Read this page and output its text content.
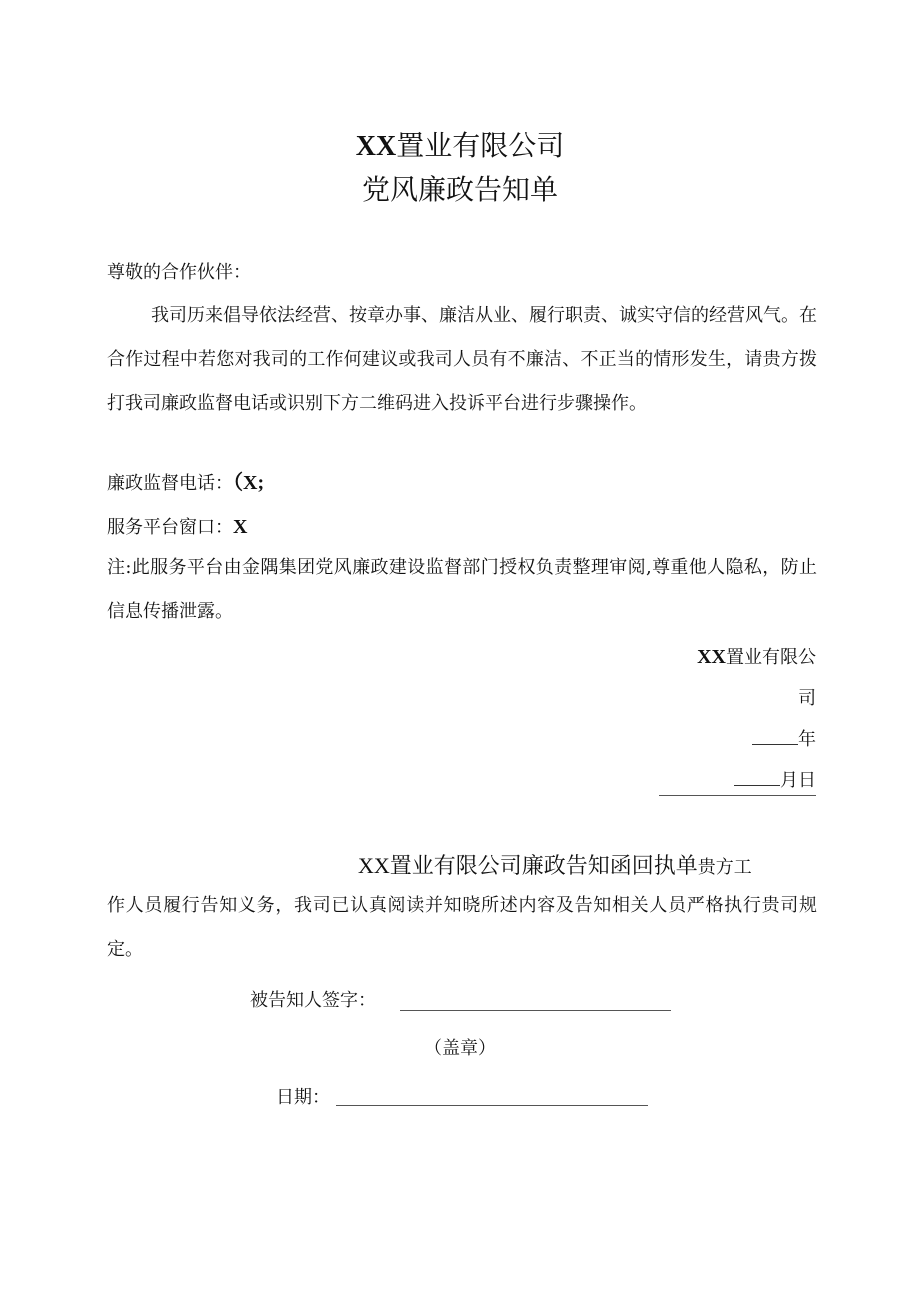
XX置业有限公司
党风廉政告知单
尊敬的合作伙伴：

我司历来倡导依法经营、按章办事、廉洁从业、履行职责、诚实守信的经营风气。在合作过程中若您对我司的工作何建议或我司人员有不廉洁、不正当的情形发生，请贵方拨打我司廉政监督电话或识别下方二维码进入投诉平台进行步骤操作。

廉政监督电话：（X;
服务平台窗口：X

注:此服务平台由金隅集团党风廉政建设监督部门授权负责整理审阅,尊重他人隐私，防止信息传播泄露。

XX置业有限公
司
年
月日
XX置业有限公司廉政告知函回执单贵方工

作人员履行告知义务，我司已认真阅读并知晓所述内容及告知相关人员严格执行贵司规定。

被告知人签字：
（盖章）
日期：
